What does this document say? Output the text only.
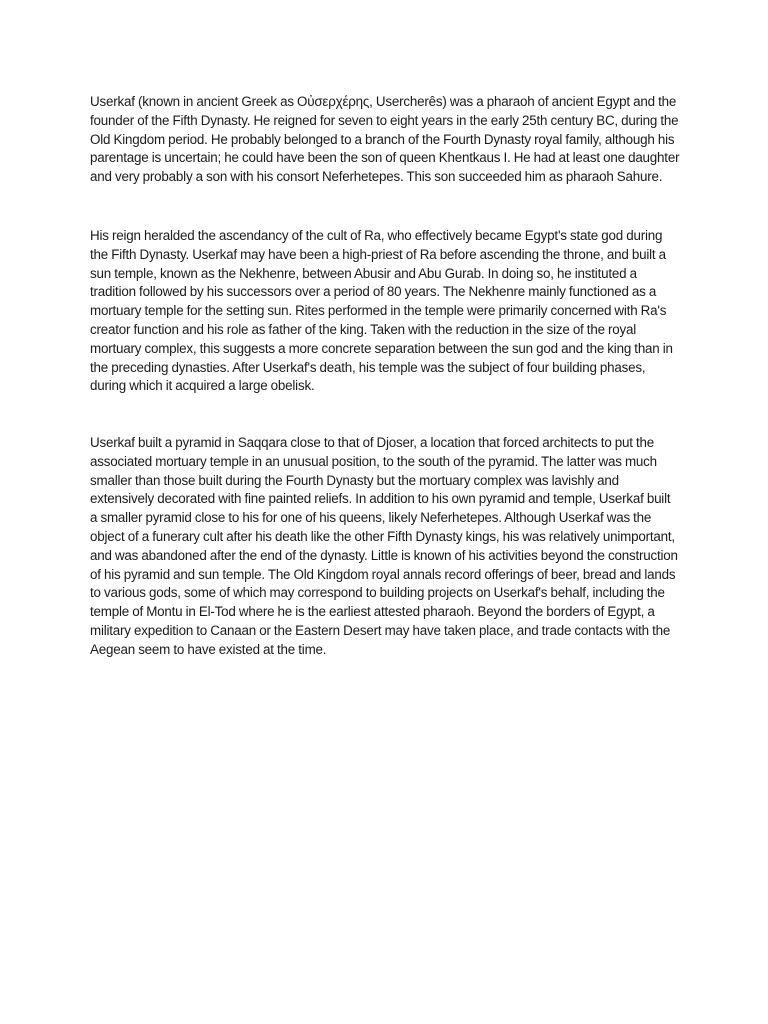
Userkaf (known in ancient Greek as Οὐσερχέρης, Usercherês) was a pharaoh of ancient Egypt and the founder of the Fifth Dynasty. He reigned for seven to eight years in the early 25th century BC, during the Old Kingdom period. He probably belonged to a branch of the Fourth Dynasty royal family, although his parentage is uncertain; he could have been the son of queen Khentkaus I. He had at least one daughter and very probably a son with his consort Neferhetepes. This son succeeded him as pharaoh Sahure.

His reign heralded the ascendancy of the cult of Ra, who effectively became Egypt's state god during the Fifth Dynasty. Userkaf may have been a high-priest of Ra before ascending the throne, and built a sun temple, known as the Nekhenre, between Abusir and Abu Gurab. In doing so, he instituted a tradition followed by his successors over a period of 80 years. The Nekhenre mainly functioned as a mortuary temple for the setting sun. Rites performed in the temple were primarily concerned with Ra's creator function and his role as father of the king. Taken with the reduction in the size of the royal mortuary complex, this suggests a more concrete separation between the sun god and the king than in the preceding dynasties. After Userkaf's death, his temple was the subject of four building phases, during which it acquired a large obelisk.

Userkaf built a pyramid in Saqqara close to that of Djoser, a location that forced architects to put the associated mortuary temple in an unusual position, to the south of the pyramid. The latter was much smaller than those built during the Fourth Dynasty but the mortuary complex was lavishly and extensively decorated with fine painted reliefs. In addition to his own pyramid and temple, Userkaf built a smaller pyramid close to his for one of his queens, likely Neferhetepes. Although Userkaf was the object of a funerary cult after his death like the other Fifth Dynasty kings, his was relatively unimportant, and was abandoned after the end of the dynasty. Little is known of his activities beyond the construction of his pyramid and sun temple. The Old Kingdom royal annals record offerings of beer, bread and lands to various gods, some of which may correspond to building projects on Userkaf's behalf, including the temple of Montu in El-Tod where he is the earliest attested pharaoh. Beyond the borders of Egypt, a military expedition to Canaan or the Eastern Desert may have taken place, and trade contacts with the Aegean seem to have existed at the time.
